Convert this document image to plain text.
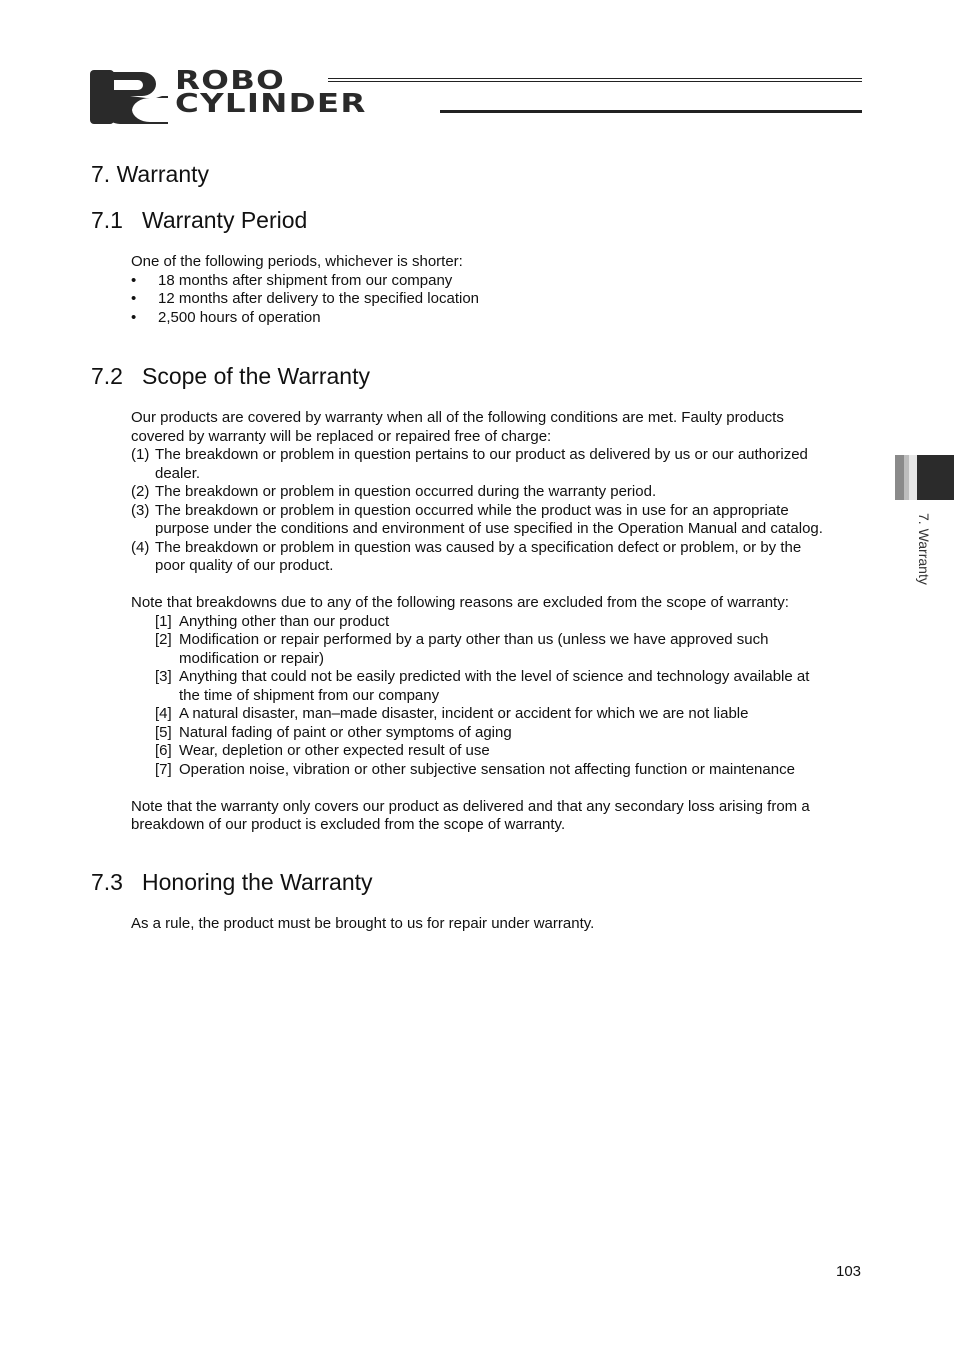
ROBO
CYLINDER
7. Warranty
7.1 Warranty Period

One of the following periods, whichever is shorter:

• 18 months after shipment from our company
• 12 months after delivery to the specified location
• 2,500 hours of operation
7.2 Scope of the Warranty

Our products are covered by warranty when all of the following conditions are met. Faulty products

covered by warranty will be replaced or repaired free of charge:

(1) The breakdown or problem in question pertains to our product as delivered by us or our authorized
dealer.
(2) The breakdown or problem in question occurred during the warranty period.
(3) The breakdown or problem in question occurred while the product was in use for an appropriate
purpose under the conditions and environment of use specified in the Operation Manual and catalog.
(4) The breakdown or problem in question was caused by a specification defect or problem, or by the
poor quality of our product.

Note that breakdowns due to any of the following reasons are excluded from the scope of warranty:

[1] Anything other than our product
[2] Modification or repair performed by a party other than us (unless we have approved such
modification or repair)
[3] Anything that could not be easily predicted with the level of science and technology available at
the time of shipment from our company
[4] A natural disaster, man–made disaster, incident or accident for which we are not liable
[5] Natural fading of paint or other symptoms of aging
[6] Wear, depletion or other expected result of use
[7] Operation noise, vibration or other subjective sensation not affecting function or maintenance

Note that the warranty only covers our product as delivered and that any secondary loss arising from a

breakdown of our product is excluded from the scope of warranty.

7.3 Honoring the Warranty

As a rule, the product must be brought to us for repair under warranty.

7. Warranty
103
